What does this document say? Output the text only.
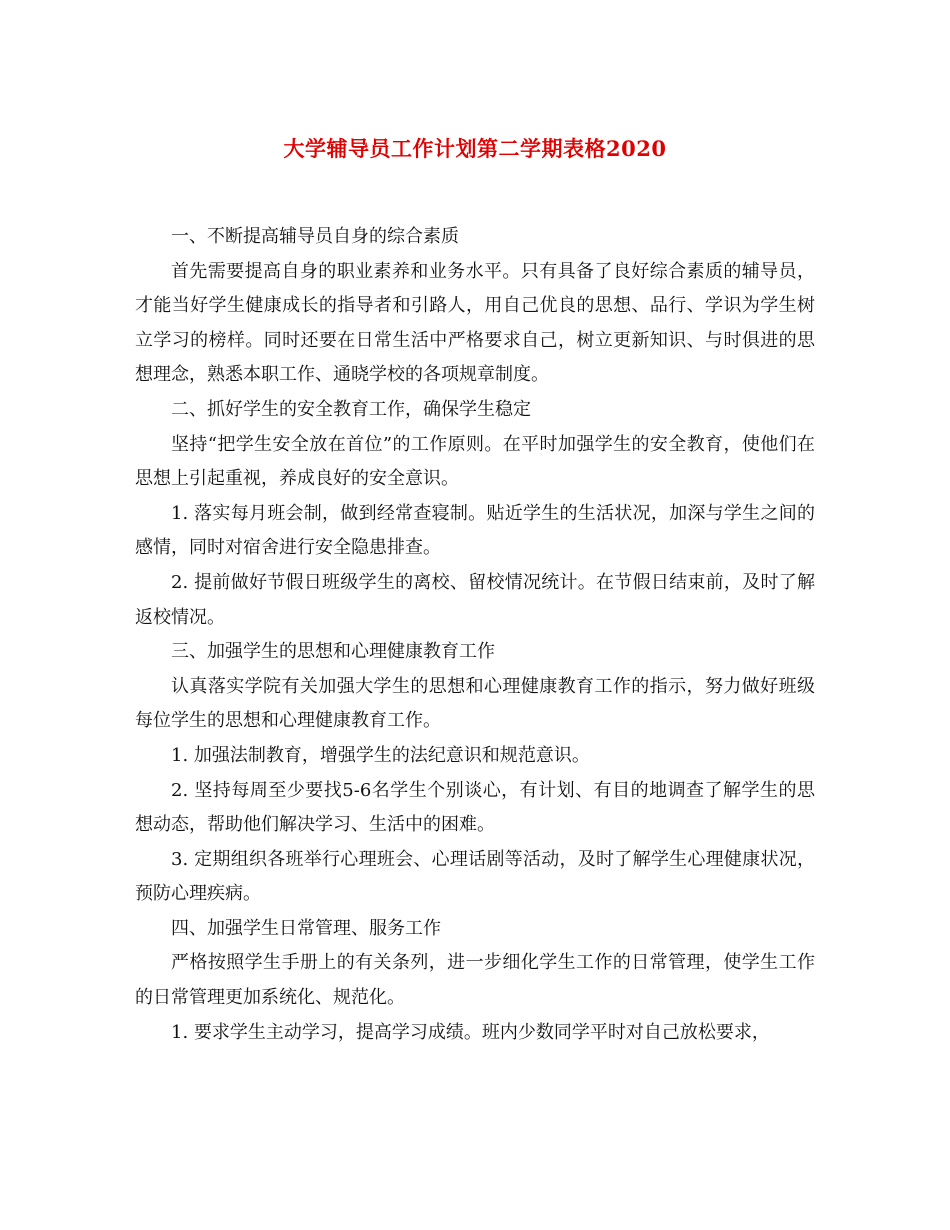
大学辅导员工作计划第二学期表格2020

一、不断提高辅导员自身的综合素质

首先需要提高自身的职业素养和业务水平。只有具备了良好综合素质的辅导员，才能当好学生健康成长的指导者和引路人，用自己优良的思想、品行、学识为学生树立学习的榜样。同时还要在日常生活中严格要求自己，树立更新知识、与时俱进的思想理念，熟悉本职工作、通晓学校的各项规章制度。

二、抓好学生的安全教育工作，确保学生稳定

坚持“把学生安全放在首位”的工作原则。在平时加强学生的安全教育，使他们在思想上引起重视，养成良好的安全意识。

1. 落实每月班会制，做到经常查寝制。贴近学生的生活状况，加深与学生之间的感情，同时对宿舍进行安全隐患排查。

2. 提前做好节假日班级学生的离校、留校情况统计。在节假日结束前，及时了解返校情况。

三、加强学生的思想和心理健康教育工作

认真落实学院有关加强大学生的思想和心理健康教育工作的指示，努力做好班级每位学生的思想和心理健康教育工作。

1. 加强法制教育，增强学生的法纪意识和规范意识。

2. 坚持每周至少要找5-6名学生个别谈心，有计划、有目的地调查了解学生的思想动态，帮助他们解决学习、生活中的困难。

3. 定期组织各班举行心理班会、心理话剧等活动，及时了解学生心理健康状况，预防心理疾病。

四、加强学生日常管理、服务工作

严格按照学生手册上的有关条列，进一步细化学生工作的日常管理，使学生工作的日常管理更加系统化、规范化。

1. 要求学生主动学习，提高学习成绩。班内少数同学平时对自己放松要求，
